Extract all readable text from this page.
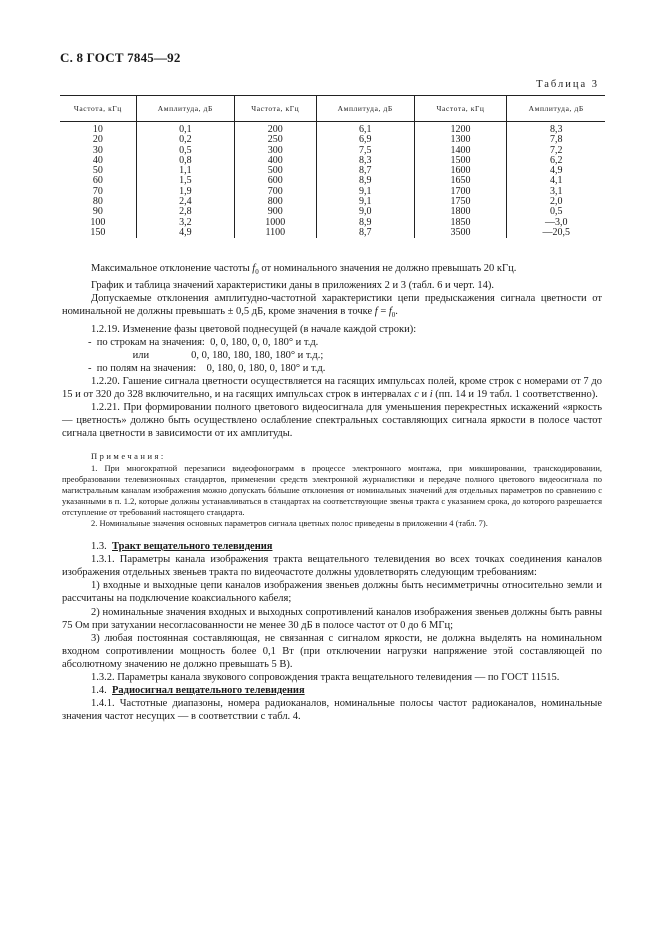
С. 8 ГОСТ 7845—92
Таблица 3
Частота, кГц	Амплитуда, дБ	Частота, кГц	Амплитуда, дБ	Частота, кГц	Амплитуда, дБ
10	0,1	200	6,1	1200	8,3
20	0,2	250	6,9	1300	7,8
30	0,5	300	7,5	1400	7,2
40	0,8	400	8,3	1500	6,2
50	1,1	500	8,7	1600	4,9
60	1,5	600	8,9	1650	4,1
70	1,9	700	9,1	1700	3,1
80	2,4	800	9,1	1750	2,0
90	2,8	900	9,0	1800	0,5
100	3,2	1000	8,9	1850	—3,0
150	4,9	1100	8,7	3500	—20,5

Максимальное отклонение частоты $f_0$ от номинального значения не должно превышать 20 кГц.

График и таблица значений характеристики даны в приложениях 2 и 3 (табл. 6 и черт. 14).

Допускаемые отклонения амплитудно-частотной характеристики цепи предыскажения сигнала цветности от номинальной не должны превышать ± 0,5 дБ, кроме значения в точке $f = f_0$.

1.2.19. Изменение фазы цветовой поднесущей (в начале каждой строки):

-  по строкам на значения:  0, 0, 180, 0, 0, 180° и т.д.

или                0, 0, 180, 180, 180, 180° и т.д.;

-  по полям на значения:    0, 180, 0, 180, 0, 180° и т.д.

1.2.20. Гашение сигнала цветности осуществляется на гасящих импульсах полей, кроме строк с номерами от 7 до 15 и от 320 до 328 включительно, и на гасящих импульсах строк в интервалах c и i (пп. 14 и 19 табл. 1 соответственно).

1.2.21. При формировании полного цветового видеосигнала для уменьшения перекрестных искажений «яркость — цветность» должно быть осуществлено ослабление спектральных составляющих сигнала яркости в полосе частот сигнала цветности в зависимости от их амплитуды.

Примечания:

1. При многократной перезаписи видеофонограмм в процессе электронного монтажа, при микшировании, транскодировании, преобразовании телевизионных стандартов, применении средств электронной журналистики и передаче полного цветового видеосигнала по магистральным каналам изображения можно допускать бóльшие отклонения от номинальных значений для отдельных параметров по сравнению с указанными в п. 1.2, которые должны устанавливаться в стандартах на соответствующие звенья тракта с указанием срока, до которого разрешается отступление от требований настоящего стандарта.

2. Номинальные значения основных параметров сигнала цветных полос приведены в приложении 4 (табл. 7).

1.3. Тракт вещательного телевидения

1.3.1. Параметры канала изображения тракта вещательного телевидения во всех точках соединения каналов изображения отдельных звеньев тракта по видеочастоте должны удовлетворять следующим требованиям:

1) входные и выходные цепи каналов изображения звеньев должны быть несимметричны относительно земли и рассчитаны на подключение коаксиального кабеля;

2) номинальные значения входных и выходных сопротивлений каналов изображения звеньев должны быть равны 75 Ом при затухании несогласованности не менее 30 дБ в полосе частот от 0 до 6 МГц;

3) любая постоянная составляющая, не связанная с сигналом яркости, не должна выделять на номинальном входном сопротивлении мощность более 0,1 Вт (при отключении нагрузки напряжение этой составляющей по абсолютному значению не должно превышать 5 В).

1.3.2. Параметры канала звукового сопровождения тракта вещательного телевидения — по ГОСТ 11515.

1.4. Радиосигнал вещательного телевидения

1.4.1. Частотные диапазоны, номера радиоканалов, номинальные полосы частот радиоканалов, номинальные значения частот несущих — в соответствии с табл. 4.
